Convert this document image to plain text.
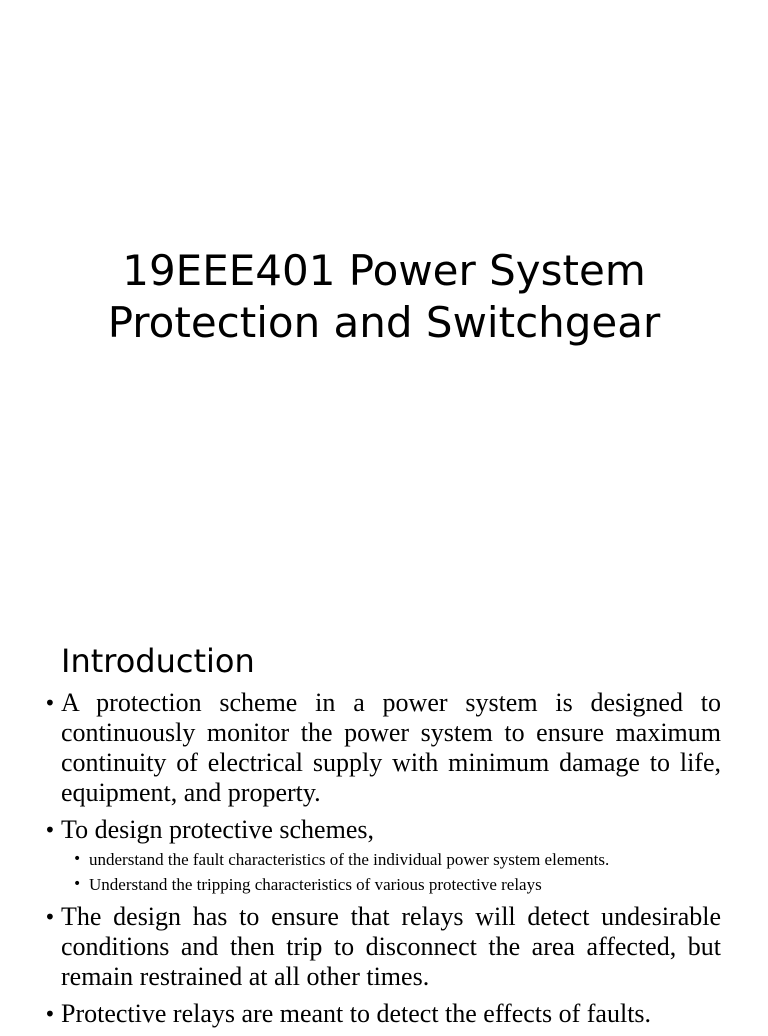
19EEE401 Power System
Protection and Switchgear
Introduction
• A protection scheme in a power system is designed to continuously monitor the power system to ensure maximum continuity of electrical supply with minimum damage to life, equipment, and property.
• To design protective schemes,
• understand the fault characteristics of the individual power system elements.
• Understand the tripping characteristics of various protective relays
• The design has to ensure that relays will detect undesirable conditions and then trip to disconnect the area affected, but remain restrained at all other times.
• Protective relays are meant to detect the effects of faults.
